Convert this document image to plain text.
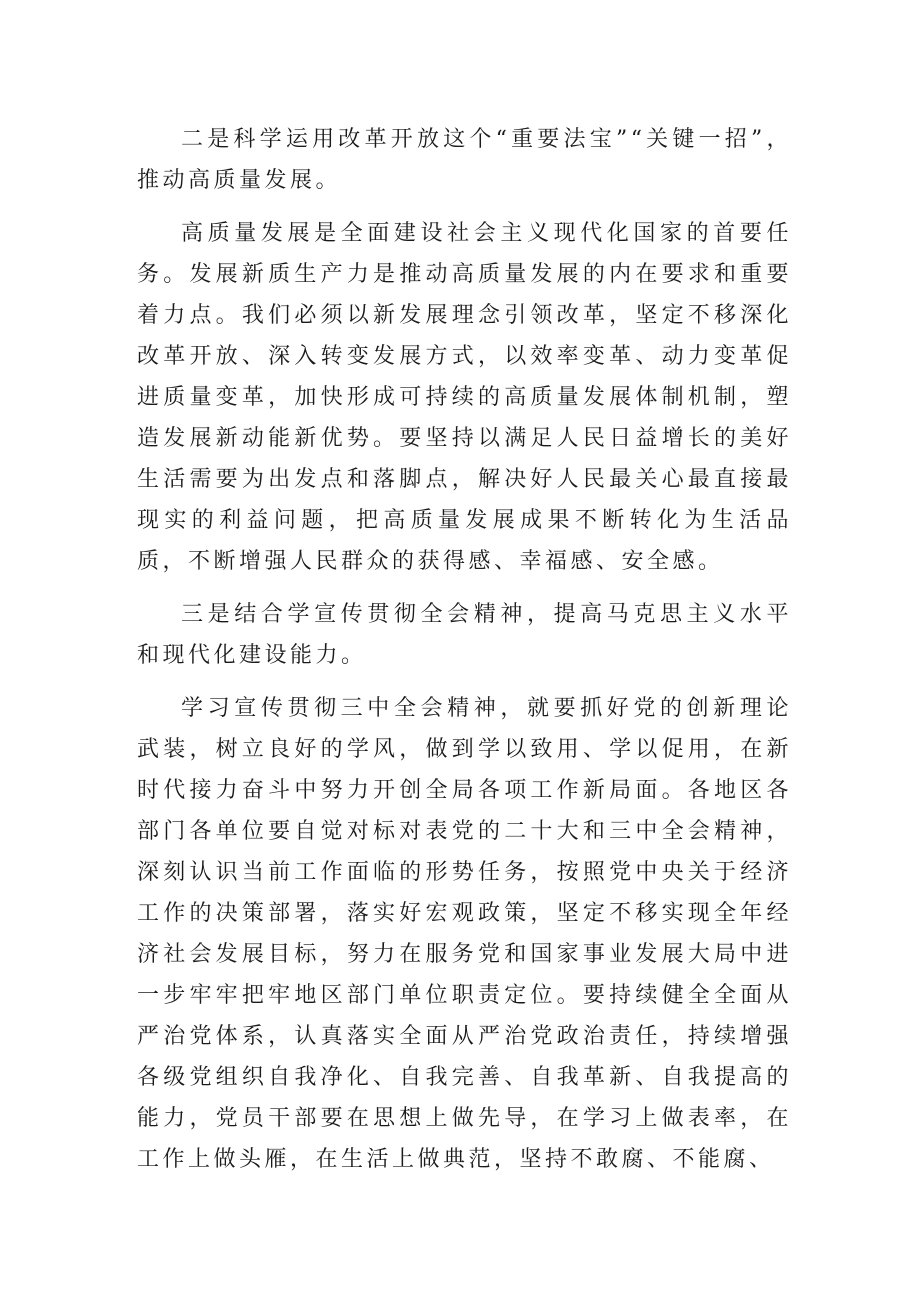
二是科学运用改革开放这个“重要法宝”“关键一招”，推动高质量发展。

高质量发展是全面建设社会主义现代化国家的首要任务。发展新质生产力是推动高质量发展的内在要求和重要着力点。我们必须以新发展理念引领改革，坚定不移深化改革开放、深入转变发展方式，以效率变革、动力变革促进质量变革，加快形成可持续的高质量发展体制机制，塑造发展新动能新优势。要坚持以满足人民日益增长的美好生活需要为出发点和落脚点，解决好人民最关心最直接最现实的利益问题，把高质量发展成果不断转化为生活品质，不断增强人民群众的获得感、幸福感、安全感。

三是结合学宣传贯彻全会精神，提高马克思主义水平和现代化建设能力。

学习宣传贯彻三中全会精神，就要抓好党的创新理论武装，树立良好的学风，做到学以致用、学以促用，在新时代接力奋斗中努力开创全局各项工作新局面。各地区各部门各单位要自觉对标对表党的二十大和三中全会精神，深刻认识当前工作面临的形势任务，按照党中央关于经济工作的决策部署，落实好宏观政策，坚定不移实现全年经济社会发展目标，努力在服务党和国家事业发展大局中进一步牢牢把牢地区部门单位职责定位。要持续健全全面从严治党体系，认真落实全面从严治党政治责任，持续增强各级党组织自我净化、自我完善、自我革新、自我提高的能力，党员干部要在思想上做先导，在学习上做表率，在工作上做头雁，在生活上做典范，坚持不敢腐、不能腐、
